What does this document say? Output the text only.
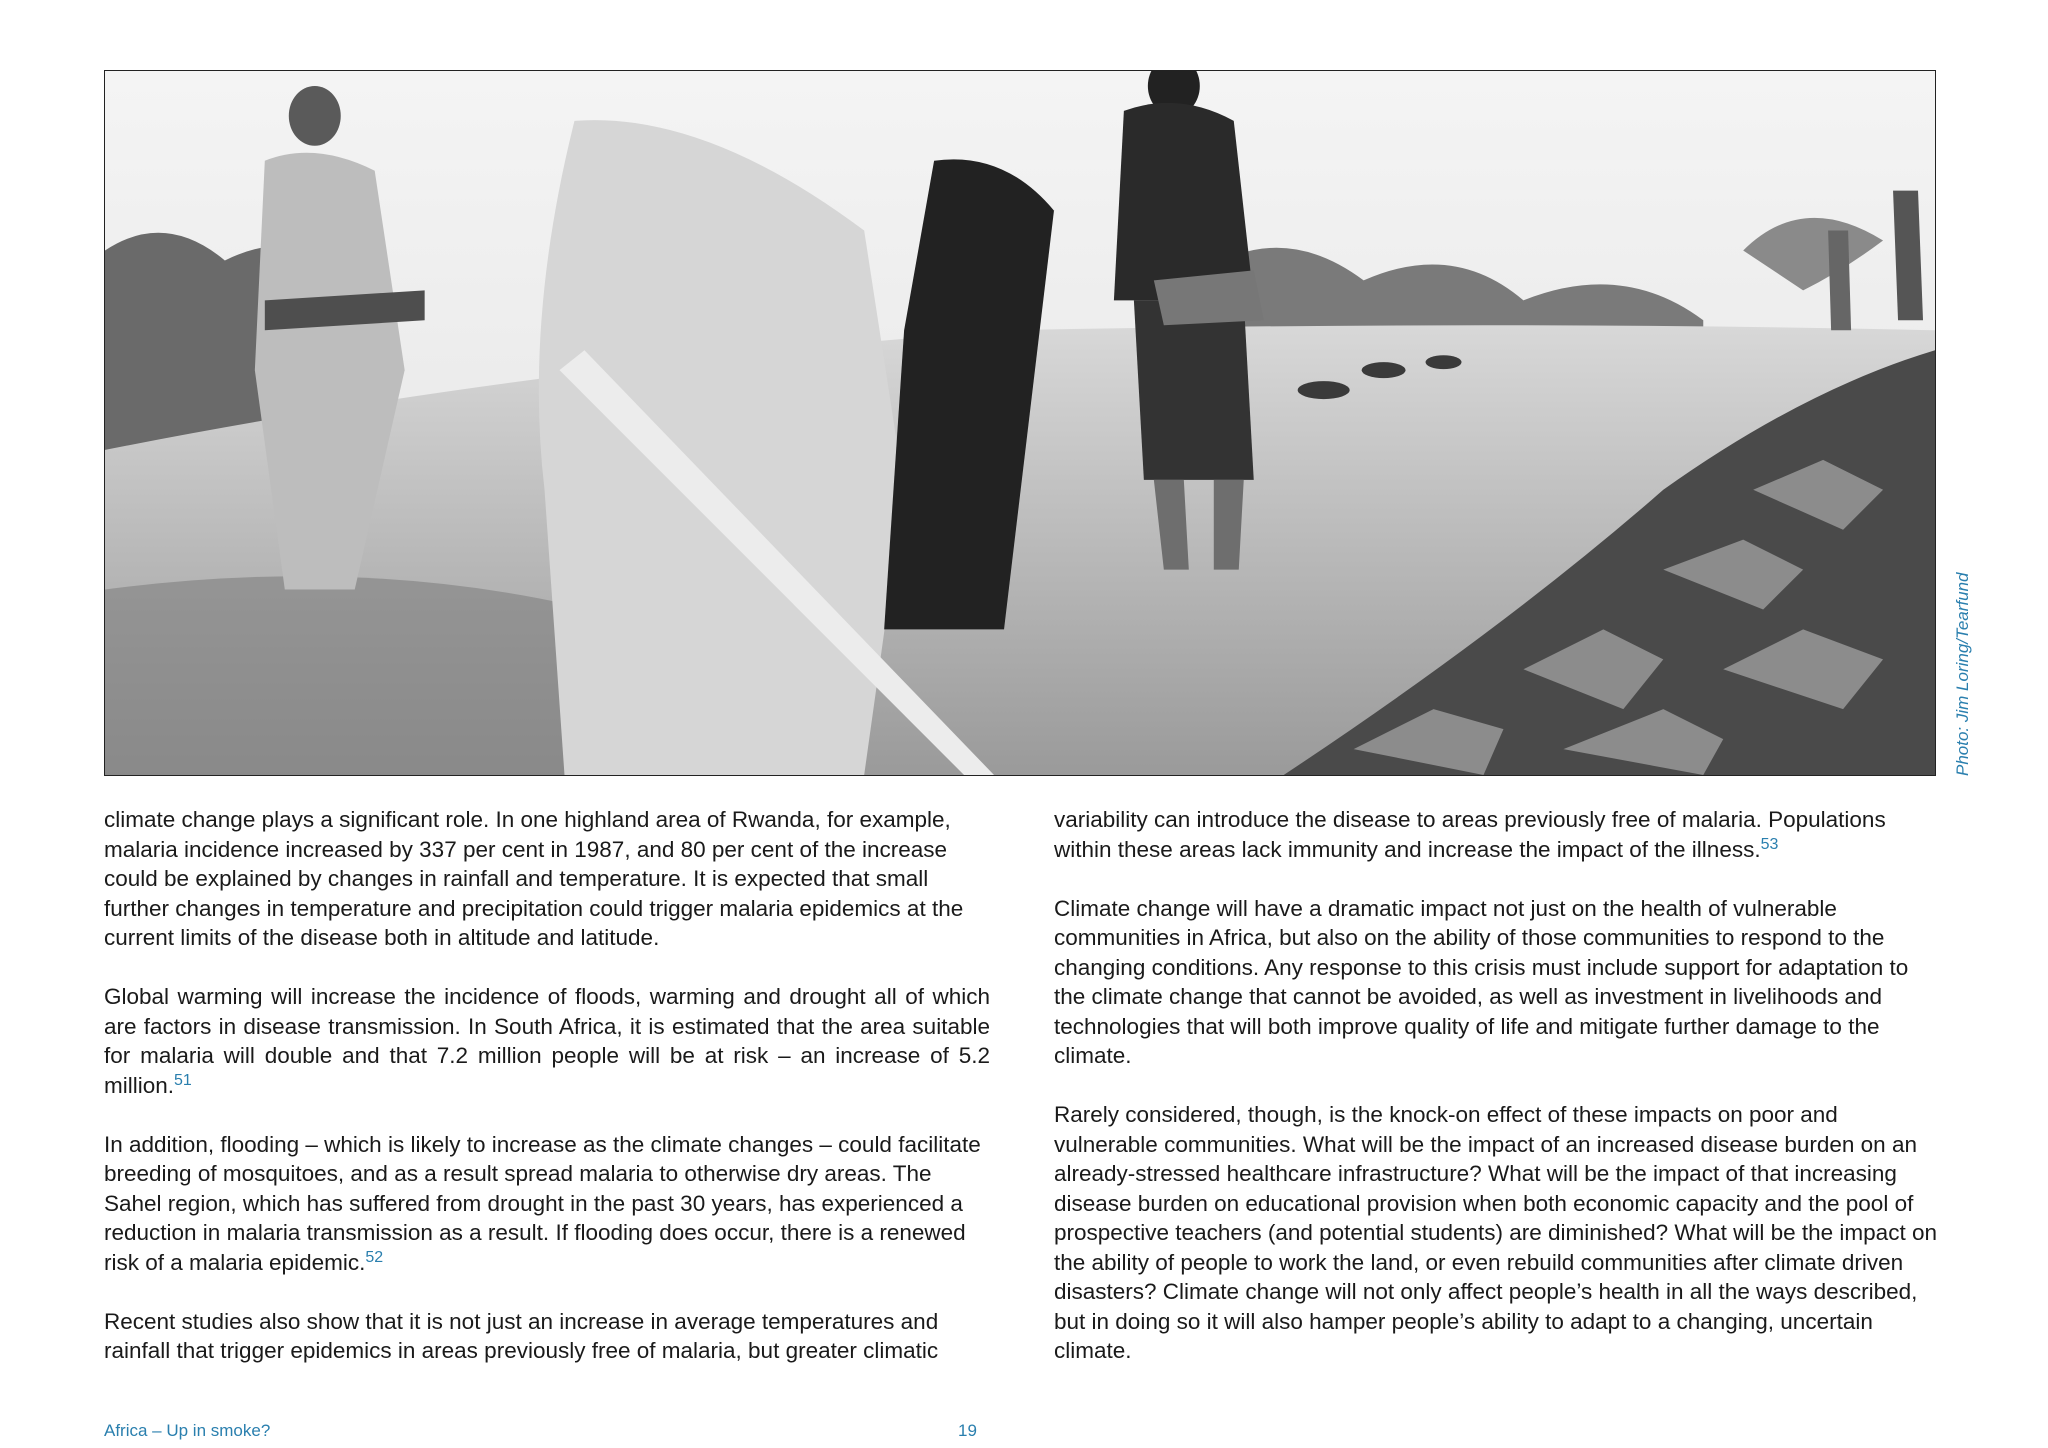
Photo: Jim Loring/Tearfund

climate change plays a significant role. In one highland area of Rwanda, for example, malaria incidence increased by 337 per cent in 1987, and 80 per cent of the increase could be explained by changes in rainfall and temperature. It is expected that small further changes in temperature and precipitation could trigger malaria epidemics at the current limits of the disease both in altitude and latitude.

Global warming will increase the incidence of floods, warming and drought all of which are factors in disease transmission. In South Africa, it is estimated that the area suitable for malaria will double and that 7.2 million people will be at risk – an increase of 5.2 million.$^{51}$

In addition, flooding – which is likely to increase as the climate changes – could facilitate breeding of mosquitoes, and as a result spread malaria to otherwise dry areas. The Sahel region, which has suffered from drought in the past 30 years, has experienced a reduction in malaria transmission as a result. If flooding does occur, there is a renewed risk of a malaria epidemic.$^{52}$

Recent studies also show that it is not just an increase in average temperatures and rainfall that trigger epidemics in areas previously free of malaria, but greater climatic

variability can introduce the disease to areas previously free of malaria. Populations within these areas lack immunity and increase the impact of the illness.$^{53}$

Climate change will have a dramatic impact not just on the health of vulnerable communities in Africa, but also on the ability of those communities to respond to the changing conditions. Any response to this crisis must include support for adaptation to the climate change that cannot be avoided, as well as investment in livelihoods and technologies that will both improve quality of life and mitigate further damage to the climate.

Rarely considered, though, is the knock-on effect of these impacts on poor and vulnerable communities. What will be the impact of an increased disease burden on an already-stressed healthcare infrastructure? What will be the impact of that increasing disease burden on educational provision when both economic capacity and the pool of prospective teachers (and potential students) are diminished? What will be the impact on the ability of people to work the land, or even rebuild communities after climate driven disasters? Climate change will not only affect people’s health in all the ways described, but in doing so it will also hamper people’s ability to adapt to a changing, uncertain climate.

Africa – Up in smoke?	19
